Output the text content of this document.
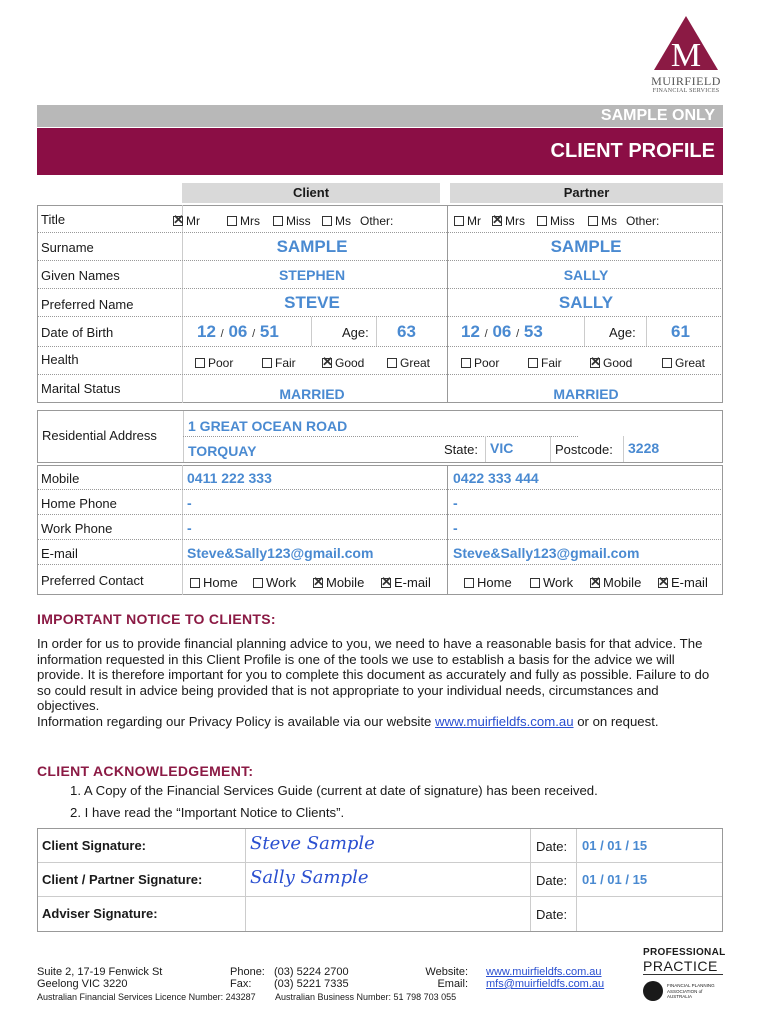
M
MUIRFIELD
FINANCIAL SERVICES
SAMPLE ONLY
CLIENT PROFILE
Client	Partner
Title ✕	Mr	Mrs	Miss	Ms Other:	Mr ✕	Mrs	Miss	Ms Other:
Surname	SAMPLE	SAMPLE
Given Names	STEPHEN	SALLY
Preferred Name	STEVE	SALLY
Date of Birth	12 / 06 / 51	Age: 63	12 / 06 / 53	Age: 61
Health	Poor	Fair ✕	Good	Great	Poor	Fair ✕	Good	Great
Marital Status	MARRIED	MARRIED
Residential Address
1 GREAT OCEAN ROAD
TORQUAY	State: VIC	Postcode: 3228
Mobile	0411 222 333	0422 333 444
Home Phone	-	-
Work Phone	-	-
E-mail	Steve&Sally123@gmail.com	Steve&Sally123@gmail.com
Preferred Contact	Home	Work ✕	Mobile ✕	E-mail	Home	Work ✕	Mobile ✕	E-mail
IMPORTANT NOTICE TO CLIENTS:

In order for us to provide financial planning advice to you, we need to have a reasonable basis for that advice. The information requested in this Client Profile is one of the tools we use to establish a basis for the advice we will provide. It is therefore important for you to complete this document as accurately and fully as possible. Failure to do so could result in advice being provided that is not appropriate to your individual needs, circumstances and objectives.

Information regarding our Privacy Policy is available via our website www.muirfieldfs.com.au or on request.

CLIENT ACKNOWLEDGEMENT:

1. A Copy of the Financial Services Guide (current at date of signature) has been received.

2. I have read the “Important Notice to Clients”.

Client Signature:	Steve Sample	Date: 01 / 01 / 15
Client / Partner Signature:	Sally Sample	Date: 01 / 01 / 15
Adviser Signature:	Date:
Suite 2, 17-19 Fenwick St
Geelong VIC 3220
Phone: (03) 5224 2700
Fax: (03) 5221 7335
Website:
Email:
www.muirfieldfs.com.au
mfs@muirfieldfs.com.au
Australian Financial Services Licence Number: 243287 Australian Business Number: 51 798 703 055
PROFESSIONAL
PRACTICE
FINANCIAL PLANNING ASSOCIATION of AUSTRALIA
